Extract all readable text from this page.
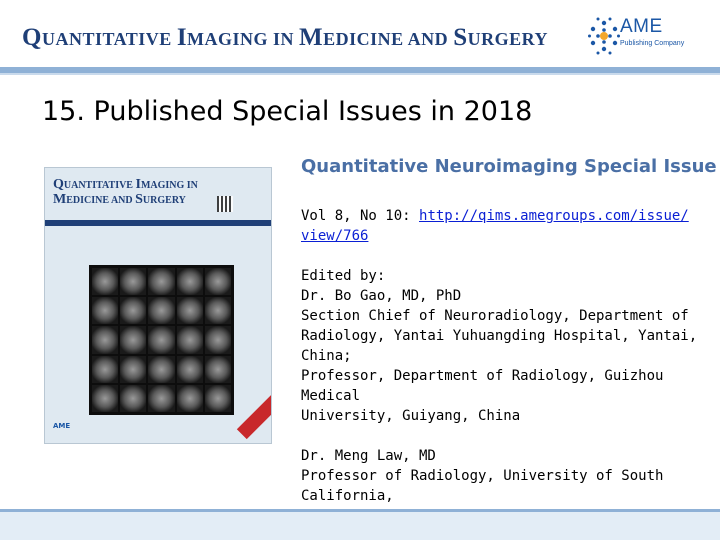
QUANTITATIVE IMAGING IN MEDICINE AND SURGERY
AME
Publishing Company
15. Published Special Issues in 2018
QUANTITATIVE IMAGING IN
MEDICINE AND SURGERY
AME
Quantitative Neuroimaging Special Issue
Vol 8, No 10: http://qims.amegroups.com/issue/
view/766
Edited by:
Dr. Bo Gao, MD, PhD
Section Chief of Neuroradiology, Department of
Radiology, Yantai Yuhuangding Hospital, Yantai, China;
Professor, Department of Radiology, Guizhou Medical
University, Guiyang, China
Dr. Meng Law, MD
Professor of Radiology, University of South California,
